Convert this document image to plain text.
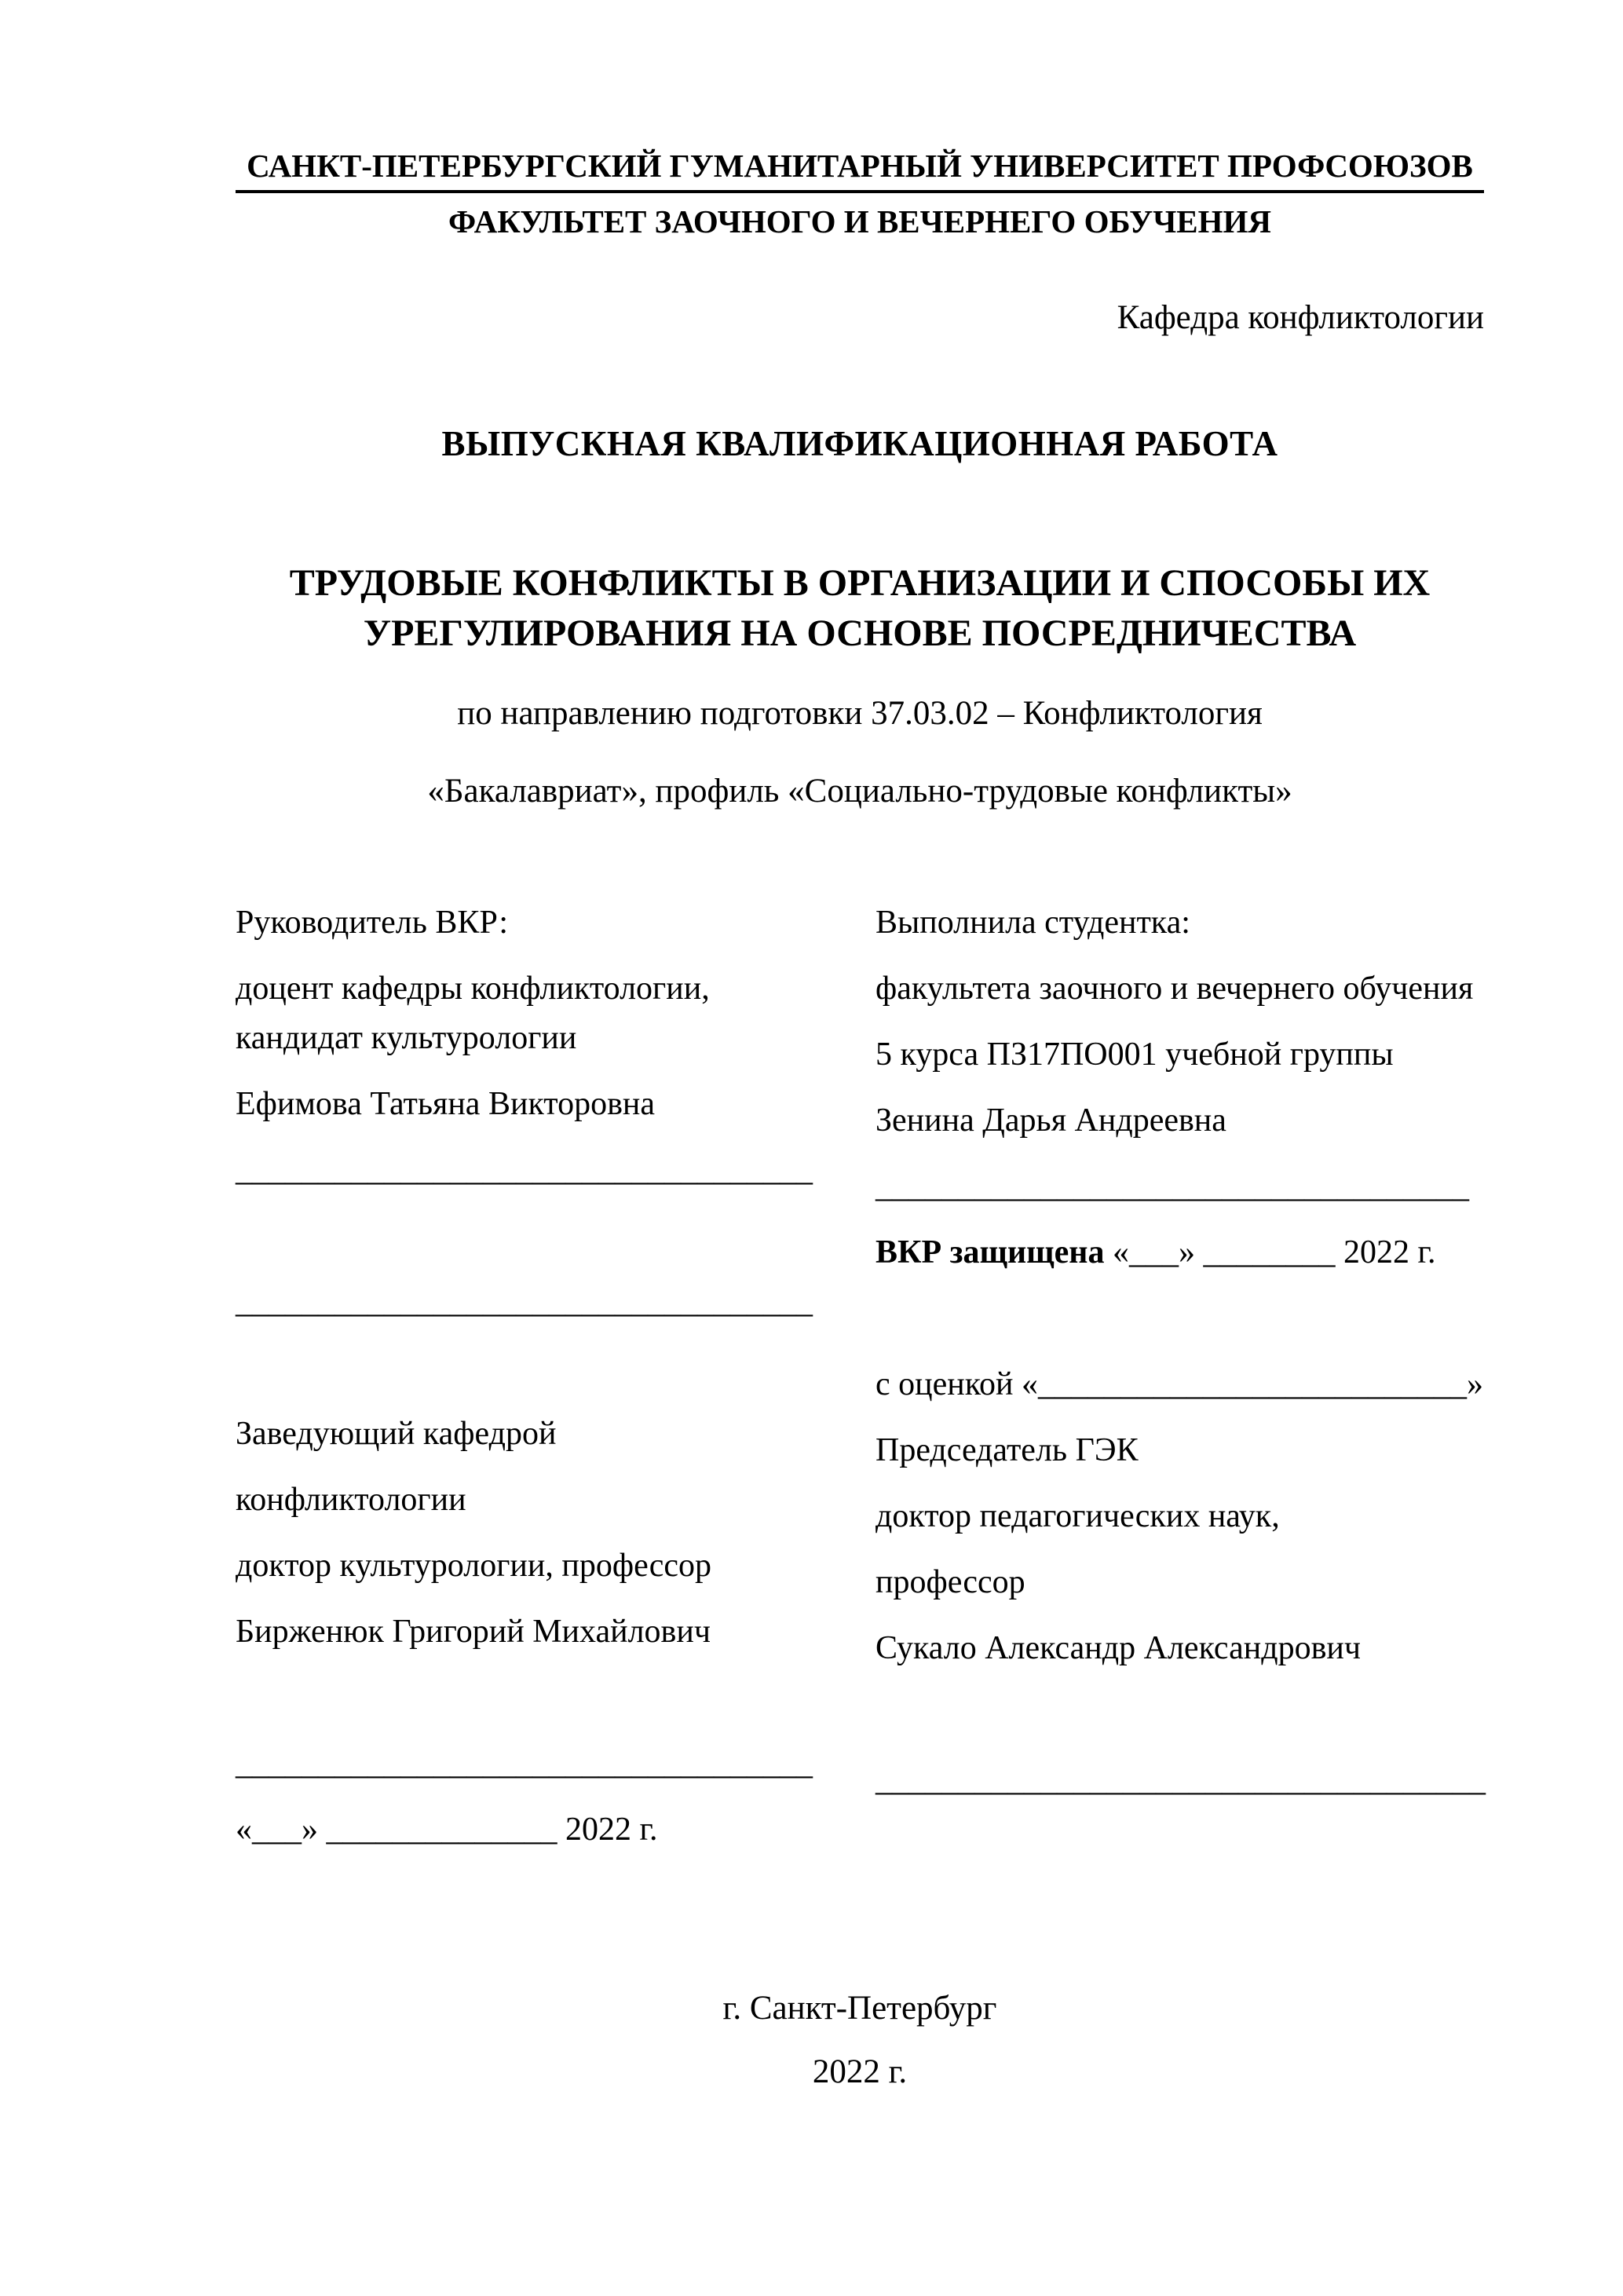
САНКТ-ПЕТЕРБУРГСКИЙ ГУМАНИТАРНЫЙ УНИВЕРСИТЕТ ПРОФСОЮЗОВ
ФАКУЛЬТЕТ ЗАОЧНОГО И ВЕЧЕРНЕГО ОБУЧЕНИЯ
Кафедра конфликтологии
ВЫПУСКНАЯ КВАЛИФИКАЦИОННАЯ РАБОТА
ТРУДОВЫЕ КОНФЛИКТЫ В ОРГАНИЗАЦИИ И СПОСОБЫ ИХ УРЕГУЛИРОВАНИЯ НА ОСНОВЕ ПОСРЕДНИЧЕСТВА
по направлению подготовки 37.03.02 – Конфликтология
«Бакалавриат», профиль «Социально-трудовые конфликты»
Руководитель ВКР:
доцент кафедры конфликтологии, кандидат культурологии
Ефимова Татьяна Викторовна
___________________________________
___________________________________
Заведующий кафедрой
конфликтологии
доктор культурологии, профессор
Бирженюк Григорий Михайлович
___________________________________
«___» ______________ 2022 г.
Выполнила студентка:
факультета заочного и вечернего обучения
5 курса ПЗ17ПО001 учебной группы
Зенина Дарья Андреевна
____________________________________
ВКР защищена «___» ________ 2022 г.
с оценкой «__________________________»
Председатель ГЭК
доктор педагогических наук,
профессор
Сукало Александр Александрович
_____________________________________
г. Санкт-Петербург
2022 г.
